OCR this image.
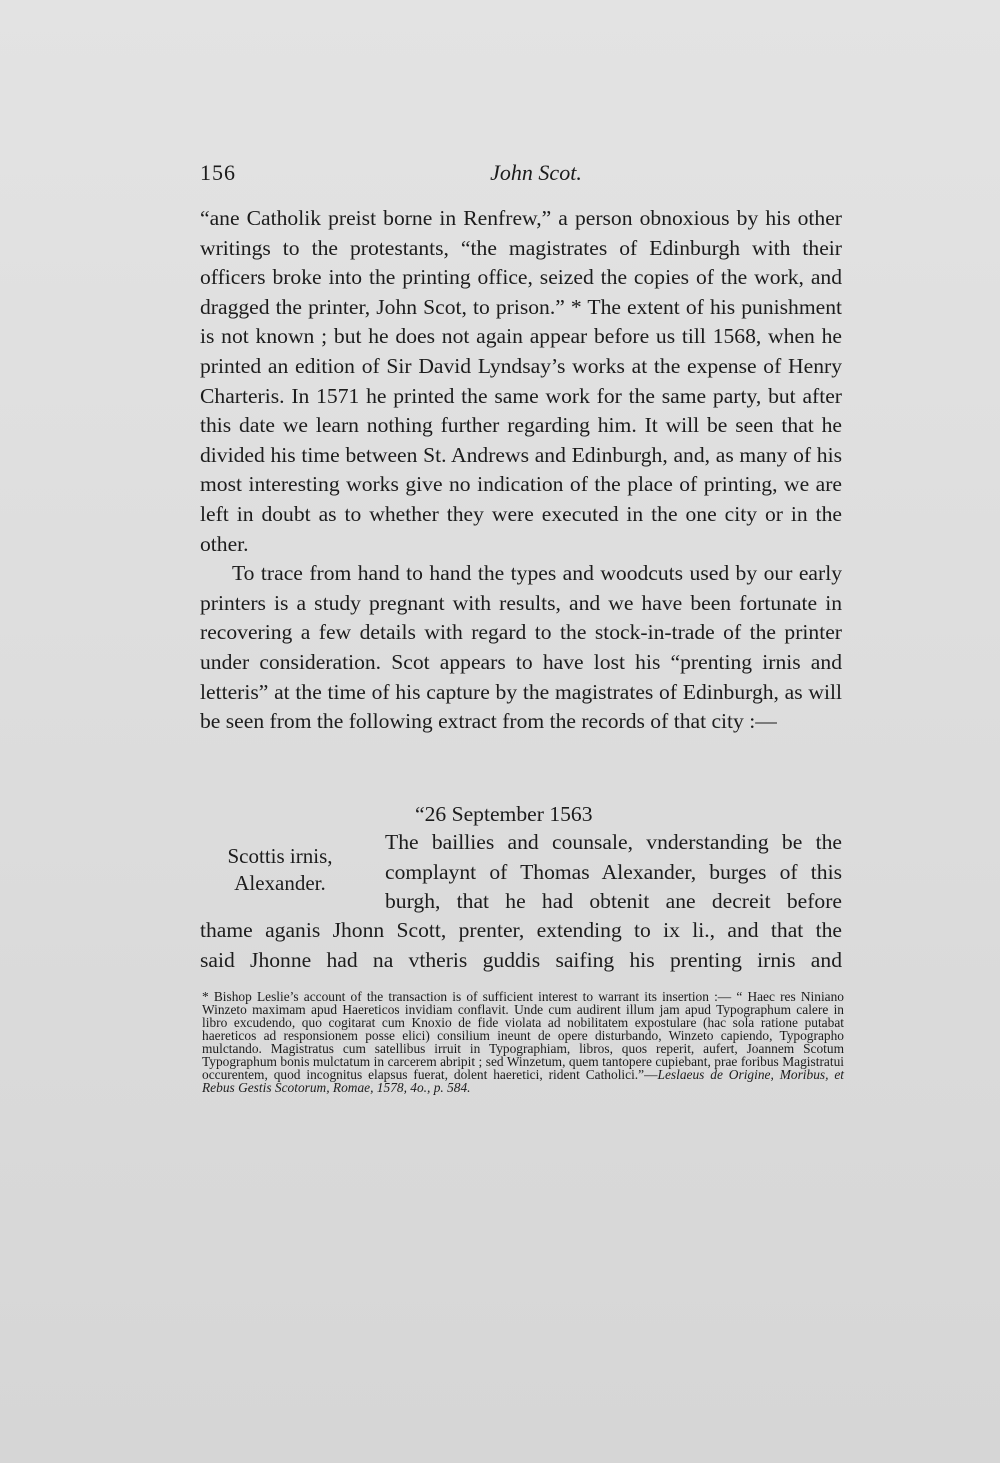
156	John Scot.

“ane Catholik preist borne in Renfrew,” a person obnoxious by his other writings to the protestants, “the magistrates of Edinburgh with their officers broke into the printing office, seized the copies of the work, and dragged the printer, John Scot, to prison.” * The extent of his punishment is not known ; but he does not again appear before us till 1568, when he printed an edition of Sir David Lyndsay’s works at the expense of Henry Charteris. In 1571 he printed the same work for the same party, but after this date we learn nothing further regarding him. It will be seen that he divided his time between St. Andrews and Edinburgh, and, as many of his most interesting works give no indication of the place of printing, we are left in doubt as to whether they were executed in the one city or in the other.

To trace from hand to hand the types and woodcuts used by our early printers is a study pregnant with results, and we have been fortunate in recovering a few details with regard to the stock-in-trade of the printer under consideration. Scot appears to have lost his “prenting irnis and letteris” at the time of his capture by the magistrates of Edinburgh, as will be seen from the following extract from the records of that city :—

“26 September 1563
Scottis irnis,
Alexander.
The baillies and counsale, vnderstanding be the
complaynt of Thomas Alexander, burges of this
burgh, that he had obtenit ane decreit before
thame aganis Jhonn Scott, prenter, extending to ix li., and that the
said Jhonne had na vtheris guddis saifing his prenting irnis and
* Bishop Leslie’s account of the transaction is of sufficient interest to warrant its insertion :— “ Haec res Niniano Winzeto maximam apud Haereticos invidiam conflavit. Unde cum audirent illum jam apud Typographum calere in libro excudendo, quo cogitarat cum Knoxio de fide violata ad nobilitatem expostulare (hac sola ratione putabat haereticos ad responsionem posse elici) consilium ineunt de opere disturbando, Winzeto capiendo, Typographo mulctando. Magistratus cum satellibus irruit in Typographiam, libros, quos reperit, aufert, Joannem Scotum Typographum bonis mulctatum in carcerem abripit ; sed Winzetum, quem tantopere cupiebant, prae foribus Magistratui occurentem, quod incognitus elapsus fuerat, dolent haeretici, rident Catholici.”—Leslaeus de Origine, Moribus, et Rebus Gestis Scotorum, Romae, 1578, 4o., p. 584.
